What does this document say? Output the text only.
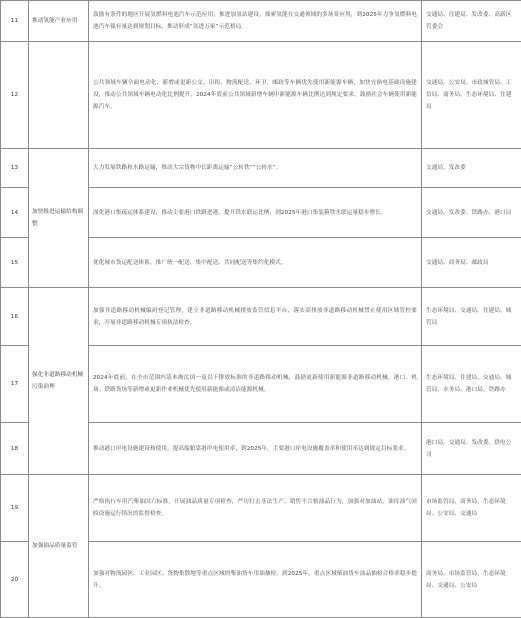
11	推动氢能产业应用	鼓励有条件的地区开展氢燃料电池汽车示范应用，推进加氢站建设，探索氢能在交通领域的多场景应用，到2025年力争氢燃料电池汽车保有量达到规划目标，推动形成“氢进万家”示范格局。	交通局、住建局、发改委、高新区管委会
12		公共领域车辆全面电动化，新增或更新公交、出租、物流配送、环卫、邮政等车辆优先使用新能源车辆，加快充换电基础设施建设，推动公共领域车辆电动化比例提升，2024年底前公共领域新增车辆中新能源车辆比例达到规定要求，鼓励社会车辆使用新能源汽车。	交通局、公安局、市政城管局、工信局、商务局、生态环境局、住建局
13	加快推进运输结构调整	大力发展铁路和水路运输，推动大宗货物中长距离运输“公转铁”“公转水”。	交通局、发改委
14		深化港口集疏运体系建设，推动主要港口铁路进港，提升铁水联运比例，到2025年港口集装箱铁水联运量稳步增长。	交通局、发改委、铁路办、港口局
15		优化城市货运配送体系，推广统一配送、集中配送、共同配送等集约化模式。	交通局、商务局、邮政局
16	强化非道路移动机械污染治理	加强非道路移动机械编码登记管理，建立非道路移动机械排放监管信息平台，落实高排放非道路移动机械禁止使用区域管控要求，开展非道路移动机械专项执法检查。	生态环境局、交通局、住建局、城管局
17		2024年底前，在全市范围内基本淘汰国一及以下排放标准的非道路移动机械，鼓励更新使用新能源非道路移动机械，港口、机场、铁路货场等新增或更新作业机械优先使用新能源或清洁能源机械。	生态环境局、住建局、交通局、城管局、水务局、港口局、铁路办
18		推动港口岸电设施建设和使用，提高船舶靠港岸电使用率，到2025年，主要港口岸电设施覆盖率和使用率达到规定目标要求。	港口局、交通局、发改委、供电公司
19	加强油品质量监管	严格执行车用汽柴油国六标准，开展油品质量专项检查，严厉打击非法生产、销售不合格油品行为，加强对加油站、油库油气回收设施运行情况的监督检查。	市场监管局、商务局、生态环境局、公安局、交通局
20		加强对物流园区、工业园区、货物集散地等重点区域的柴油货车用油抽检，到2025年，重点区域柴油货车油品抽检合格率稳步提升。	商务局、市场监管局、生态环境局、交通局、公安局
